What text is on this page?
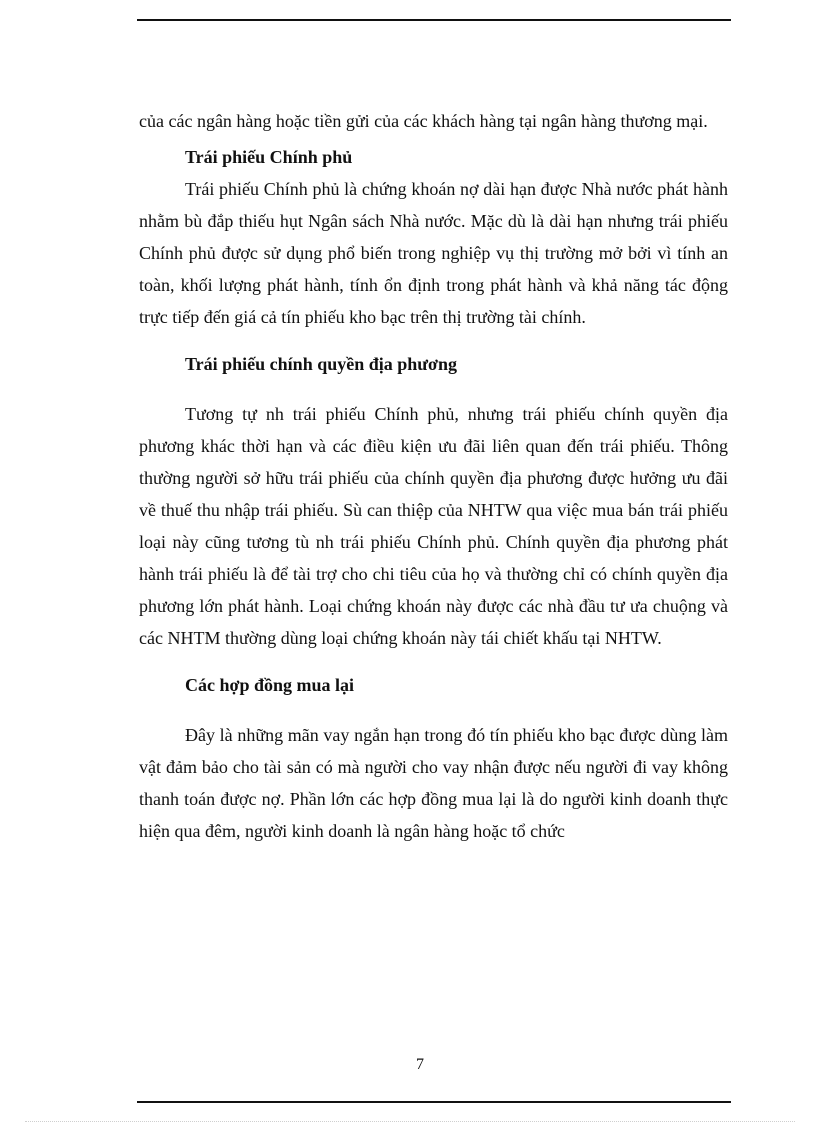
của các ngân hàng hoặc tiền gửi của các khách hàng tại ngân hàng thương mại.

Trái phiếu Chính phủ

Trái phiếu Chính phủ là chứng khoán nợ dài hạn được Nhà nước phát hành nhằm bù đắp thiếu hụt Ngân sách Nhà nước. Mặc dù là dài hạn nhưng trái phiếu Chính phủ được sử dụng phổ biến trong nghiệp vụ thị trường mở bởi vì tính an toàn, khối lượng phát hành, tính ổn định trong phát hành và khả năng tác động trực tiếp đến giá cả tín phiếu kho bạc trên thị trường tài chính.

Trái phiếu chính quyền địa phương

Tương tự nh trái phiếu Chính phủ, nhưng trái phiếu chính quyền địa phương khác thời hạn và các điều kiện ưu đãi liên quan đến trái phiếu. Thông thường người sở hữu trái phiếu của chính quyền địa phương được hưởng ưu đãi về thuế thu nhập trái phiếu. Sù can thiệp của NHTW qua việc mua bán trái phiếu loại này cũng tương tù nh trái phiếu Chính phủ. Chính quyền địa phương phát hành trái phiếu là để tài trợ cho chi tiêu của họ và thường chỉ có chính quyền địa phương lớn phát hành. Loại chứng khoán này được các nhà đầu tư ưa chuộng và các NHTM thường dùng loại chứng khoán này tái chiết khấu tại NHTW.

Các hợp đồng mua lại

Đây là những mãn vay ngắn hạn trong đó tín phiếu kho bạc được dùng làm vật đảm bảo cho tài sản có mà người cho vay nhận được nếu người đi vay không thanh toán được nợ. Phần lớn các hợp đồng mua lại là do người kinh doanh thực hiện qua đêm, người kinh doanh là ngân hàng hoặc tổ chức

7
